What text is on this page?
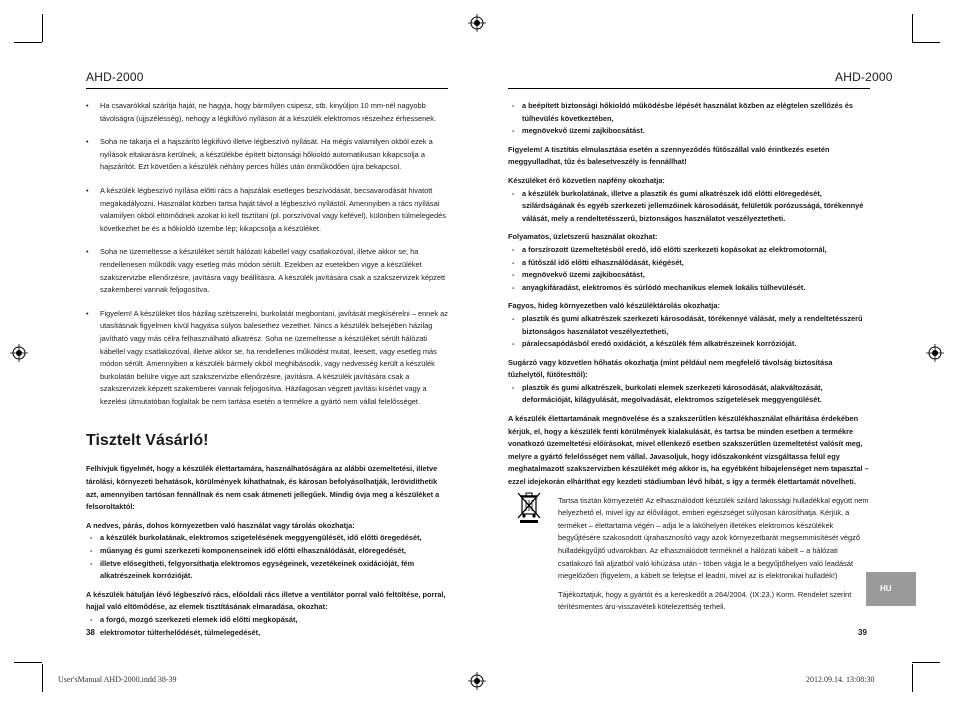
AHD-2000	AHD-2000
• Ha csavarókkal szárítja haját, ne hagyja, hogy bármilyen csipesz, stb. kinyúljon 10 mm-nél nagyobb távolságra (ujjszélesség), nehogy a légkifúvó nyíláson át a készülék elektromos részeihez érhessenek.
• Soha ne takarja el a hajszárító légkifúvó illetve légbeszívó nyílását. Ha mégis valamilyen okból ezek a nyílások eltakarásra kerülnek, a készülékbe épített biztonsági hőkioldó automatikusan kikapcsolja a hajszárítót. Ezt követően a készülék néhány perces hűlés után önműködően újra bekapcsol.
• A készülék légbeszívó nyílása előtti rács a hajszálak esetleges beszívódását, becsavarodását hivatott megakadályozni. Használat közben tartsa haját távol a légbeszívó nyílástól. Amennyiben a rács nyílásai valamilyen okból eltömődnek azokat ki kell tisztítani (pl. porszívóval vagy kefével), különben túlmelegedés következhet be és a hőkioldó üzembe lép; kikapcsolja a készüléket.
• Soha ne üzemeltesse a készüléket sérült hálózati kábellel vagy csatlakozóval, illetve akkor se, ha rendellenesen működik vagy esetleg más módon sérült. Ezekben az esetekben vigye a készüléket szakszervizbe ellenőrzésre, javításra vagy beállításra. A készülék javítására csak a szakszervizek képzett szakemberei vannak feljogosítva.
• Figyelem! A készüléket tilos házilag szétszerelni, burkolatát megbontani, javítását megkísérelni – ennek az utasításnak figyelmen kívül hagyása súlyos balesethez vezethet. Nincs a készülék belsejében házilag javítható vagy más célra felhasználható alkatrész. Soha ne üzemeltesse a készüléket sérült hálózati kábellel vagy csatlakozóval, illetve akkor se, ha rendellenes működést mutat, leesett, vagy esetleg más módon sérült. Amennyiben a készülék bármely okból meghibásodik, vagy nedvesség került a készülék burkolatán belülre vigye azt szakszervizbe ellenőrzésre, javításra. A készülék javítására csak a szakszervizek képzett szakemberei vannak feljogosítva. Házilagosan végzett javítási kísérlet vagy a kezelési útmutatóban foglaltak be nem tartása esetén a termékre a gyártó nem vállal felelősséget.

Tisztelt Vásárló!

Felhívjuk figyelmét, hogy a készülék élettartamára, használhatóságára az alábbi üzemeltetési, illetve tárolási, környezeti behatások, körülmények kihathatnak, és károsan befolyásolhatják, lerövidíthetik azt, amennyiben tartósan fennállnak és nem csak átmeneti jellegűek. Mindig óvja meg a készüléket a felsoroltaktól:

A nedves, párás, dohos környezetben való használat vagy tárolás okozhatja:

- a készülék burkolatának, elektromos szigetelésének meggyengülését, idő előtti öregedését,
- műanyag és gumi szerkezeti komponenseinek idő előtti elhasználódását, elöregedését,
- illetve elősegítheti, felgyorsíthatja elektromos egységeinek, vezetékeinek oxidációját, fém alkatrészeinek korrózióját.

A készülék hátulján lévő légbeszívó rács, előoldali rács illetve a ventilátor porral való feltöltése, porral, hajjal való eltömődése, az elemek tisztításának elmaradása, okozhat:

- a forgó, mozgó szerkezeti elemek idő előtti megkopását,
- elektromotor túlterhelődését, túlmelegedését,
38
- a beépített biztonsági hőkioldó működésbe lépését használat közben az elégtelen szellőzés és túlhevülés következtében,
- megnövekvő üzemi zajkibocsátást.

Figyelem! A tisztítás elmulasztása esetén a szennyeződés fűtőszállal való érintkezés esetén meggyulladhat, tűz és balesetveszély is fennállhat!

Készüléket érő közvetlen napfény okozhatja:

- a készülék burkolatának, illetve a plasztik és gumi alkatrészek idő előtti elöregedését, szilárdságának és egyéb szerkezeti jellemzőinek károsodását, felületük porózusságá, törékennyé válását, mely a rendeltetésszerű, biztonságos használatot veszélyeztetheti.

Folyamatos, üzletszerű használat okozhat:

- a forszírozott üzemeltetésből eredő, idő előtti szerkezeti kopásokat az elektromotornál,
- a fűtőszál idő előtti elhasználódását, kiégését,
- megnövekvő üzemi zajkibocsátást,
- anyagkifáradást, elektromos és súrlódó mechanikus elemek lokális túlhevülését.

Fagyos, hideg környezetben való készüléktárolás okozhatja:

- plasztik és gumi alkatrészek szerkezeti károsodását, törékennyé válását, mely a rendeltetésszerű biztonságos használatot veszélyeztetheti,
- páralecsapódásból eredő oxidációt, a készülék fém alkatrészeinek korrózióját.

Sugárzó vagy közvetlen hőhatás okozhatja (mint például nem megfelelő távolság biztosítása tűzhelytől, fűtőtesttől):

- plasztik és gumi alkatrészek, burkolati elemek szerkezeti károsodását, alakváltozását, deformációját, kilágyulását, megolvadását, elektromos szigetelések meggyengülését.

A készülék élettartamának megnövelése és a szakszerűtlen készülékhasználat elhárítása érdekében kérjük, el, hogy a készülék fenti körülmények kialakulását, és tartsa be minden esetben a termékre vonatkozó üzemeltetési előírásokat, mivel ellenkező esetben szakszerűtlen üzemeltetést valósít meg, melyre a gyártó felelősséget nem vállal. Javasoljuk, hogy időszakonként vizsgáltassa felül egy meghatalmazott szakszervizben készülékét még akkor is, ha egyébként hibajelenséget nem tapasztal – ezzel idejekorán elháríthat egy kezdeti stádiumban lévő hibát, s így a termék élettartamát növelheti.

Tartsa tisztán környezetét! Az elhasználódott készülék szilárd lakossági hulladékkal együtt nem helyezhető el, mivel így az élővilágot, emberi egészséget súlyosan károsíthatja. Kérjük, a terméket – élettartama végén – adja le a lakóhelyén illetékes elektromos készülékek begyűjtésére szakosodott újrahasznosító vagy azok környezetbarát megsemmisítését végző hulladékgyűjtő udvarokban. Az elhasználódott terméknél a hálózati kábelt – a hálózati csatlakozó fali aljzatból való kihúzása után - töben vágja le a begyűjtőhelyen való leadását megelőzően (figyelem, a kábelt se felejtse el leadni, mivel az is elektronikai hulladék!)

Tájékoztatjuk, hogy a gyártót és a kereskedőt a 264/2004. (IX:23.) Korm. Rendelet szerint térítésmentes áru-visszavételi kötelezettség terheli.

HU
39
User'sManual AHD-2000.indd 38-39	2012.09.14. 13:08:30
